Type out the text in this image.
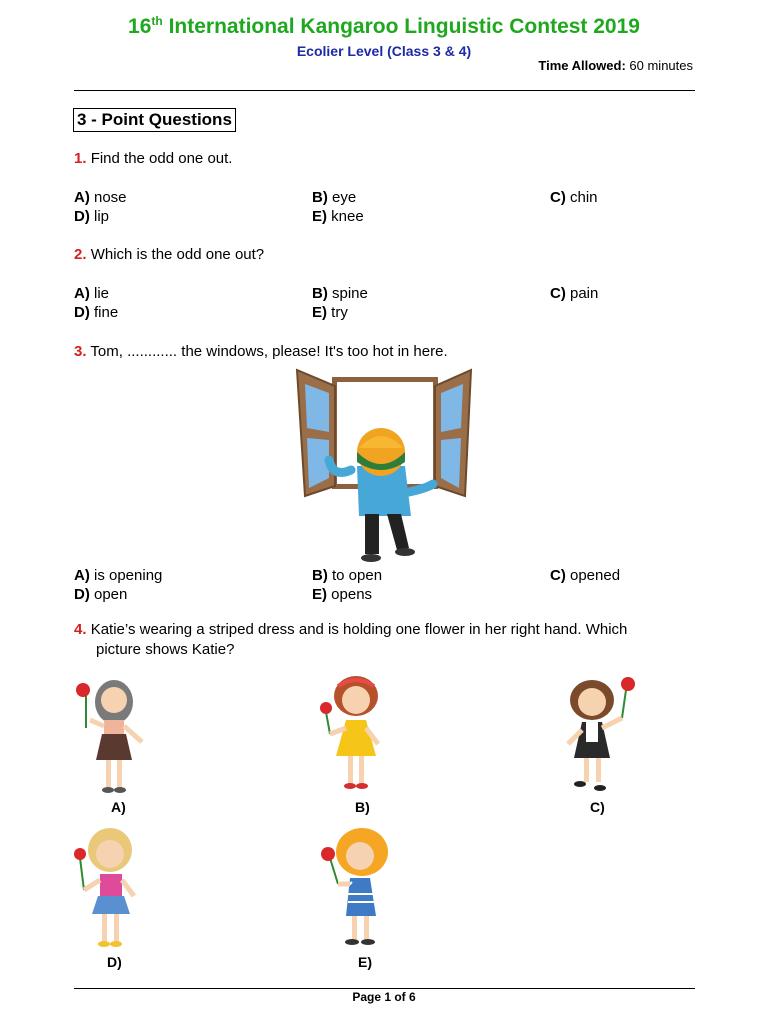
16th International Kangaroo Linguistic Contest 2019
Ecolier Level (Class 3 & 4)
Time Allowed: 60 minutes
3 - Point Questions
1. Find the odd one out.
A) nose	B) eye	C) chin
D) lip	E) knee
2. Which is the odd one out?
A) lie	B) spine	C) pain
D) fine	E) try
3. Tom, ............ the windows, please! It's too hot in here.
A) is opening	B) to open	C) opened
D) open	E) opens
4. Katie’s wearing a striped dress and is holding one flower in her right hand. Which
picture shows Katie?
A)	B)	C)
D)	E)
Page 1 of 6
